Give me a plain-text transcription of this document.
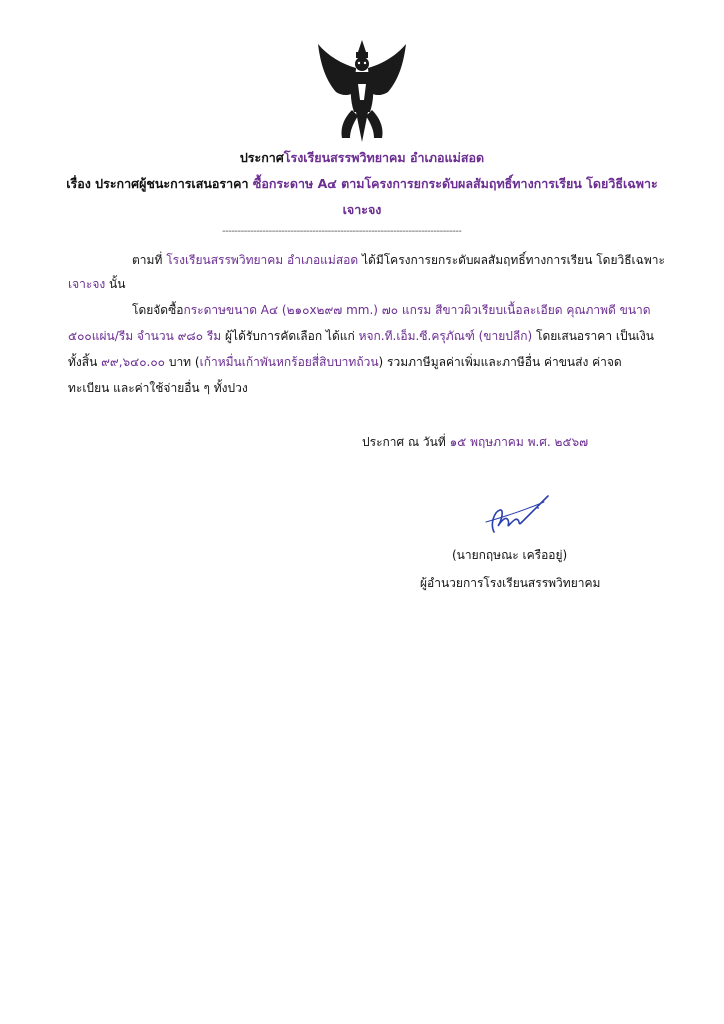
ประกาศโรงเรียนสรรพวิทยาคม อำเภอแม่สอด
เรื่อง ประกาศผู้ชนะการเสนอราคา ซื้อกระดาษ A๔ ตามโครงการยกระดับผลสัมฤทธิ์ทางการเรียน โดยวิธีเฉพาะ
เจาะจง
-----------------------------------------------------------------------------
ตามที่ โรงเรียนสรรพวิทยาคม อำเภอแม่สอด ได้มีโครงการยกระดับผลสัมฤทธิ์ทางการเรียน โดยวิธีเฉพาะ
เจาะจง นั้น
โดยจัดซื้อกระดาษขนาด A๔ (๒๑๐x๒๙๗ mm.) ๗๐ แกรม สีขาวผิวเรียบเนื้อละเอียด คุณภาพดี ขนาด
๕๐๐แผ่น/รีม จำนวน ๙๘๐ รีม ผู้ได้รับการคัดเลือก ได้แก่ หจก.ที.เอ็ม.ซี.ครุภัณฑ์ (ขายปลีก) โดยเสนอราคา เป็นเงิน
ทั้งสิ้น ๙๙,๖๔๐.๐๐ บาท (เก้าหมื่นเก้าพันหกร้อยสี่สิบบาทถ้วน) รวมภาษีมูลค่าเพิ่มและภาษีอื่น ค่าขนส่ง ค่าจด
ทะเบียน และค่าใช้จ่ายอื่น ๆ ทั้งปวง
ประกาศ ณ วันที่ ๑๕ พฤษภาคม พ.ศ. ๒๕๖๗
(นายกฤษณะ เครืออยู่)
ผู้อำนวยการโรงเรียนสรรพวิทยาคม
